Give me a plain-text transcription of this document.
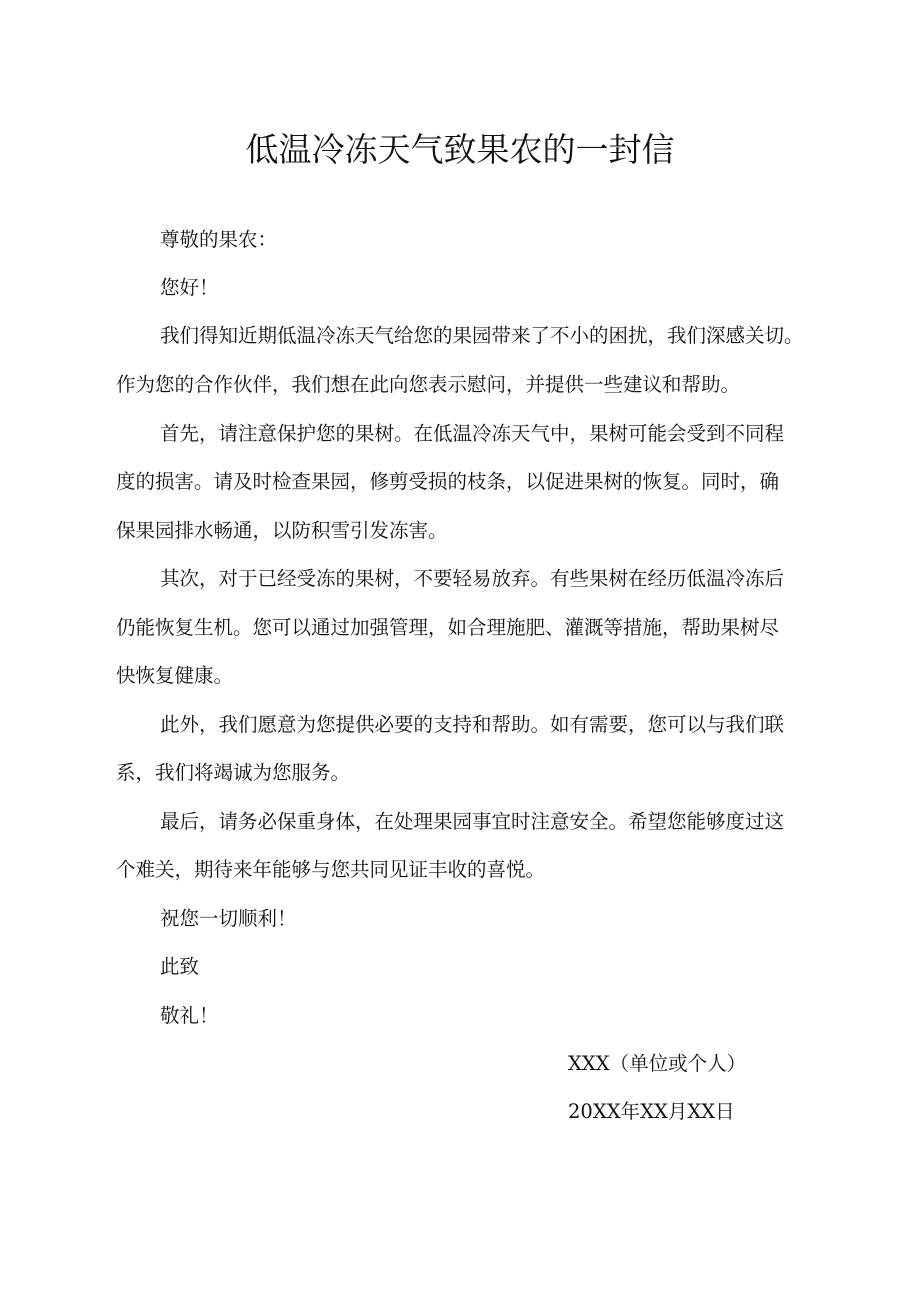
低温冷冻天气致果农的一封信
尊敬的果农：
您好！
我们得知近期低温冷冻天气给您的果园带来了不小的困扰，我们深感关切。
作为您的合作伙伴，我们想在此向您表示慰问，并提供一些建议和帮助。
首先，请注意保护您的果树。在低温冷冻天气中，果树可能会受到不同程
度的损害。请及时检查果园，修剪受损的枝条，以促进果树的恢复。同时，确
保果园排水畅通，以防积雪引发冻害。
其次，对于已经受冻的果树，不要轻易放弃。有些果树在经历低温冷冻后
仍能恢复生机。您可以通过加强管理，如合理施肥、灌溉等措施，帮助果树尽
快恢复健康。
此外，我们愿意为您提供必要的支持和帮助。如有需要，您可以与我们联
系，我们将竭诚为您服务。
最后，请务必保重身体，在处理果园事宜时注意安全。希望您能够度过这
个难关，期待来年能够与您共同见证丰收的喜悦。
祝您一切顺利！
此致
敬礼！
XXX（单位或个人）
20XX年XX月XX日
